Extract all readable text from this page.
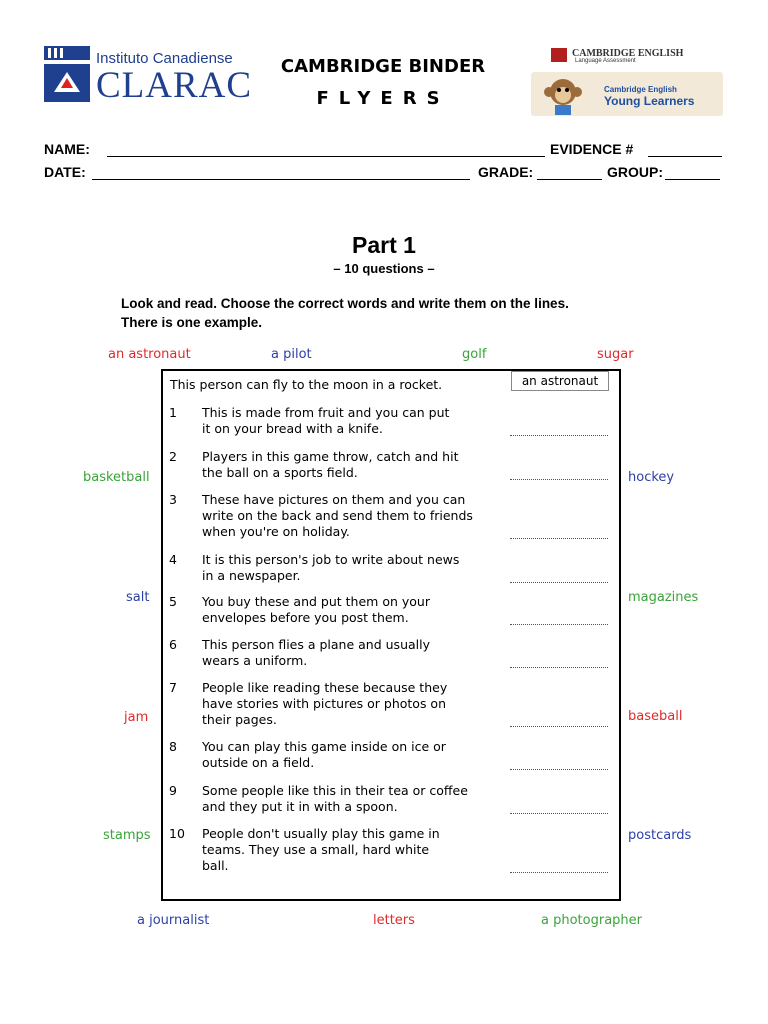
Instituto Canadiense
CLARAC	CAMBRIDGE BINDER
FLYERS
CAMBRIDGE ENGLISH
Language Assessment
Cambridge English
Young Learners
NAME:	EVIDENCE #
DATE:	GRADE:	GROUP:
Part 1
– 10 questions –
Look and read. Choose the correct words and write them on the lines.
There is one example.
an astronaut	a pilot	golf	sugar
basketball
salt
jam
stamps
hockey
magazines
baseball
postcards
a journalist	letters	a photographer
This person can fly to the moon in a rocket.	an astronaut
1 This is made from fruit and you can put
it on your bread with a knife.
2 Players in this game throw, catch and hit
the ball on a sports field.
3 These have pictures on them and you can
write on the back and send them to friends
when you're on holiday.
4 It is this person's job to write about news
in a newspaper.
5 You buy these and put them on your
envelopes before you post them.
6 This person flies a plane and usually
wears a uniform.
7 People like reading these because they
have stories with pictures or photos on
their pages.
8 You can play this game inside on ice or
outside on a field.
9 Some people like this in their tea or coffee
and they put it in with a spoon.
10 People don't usually play this game in
teams. They use a small, hard white
ball.
